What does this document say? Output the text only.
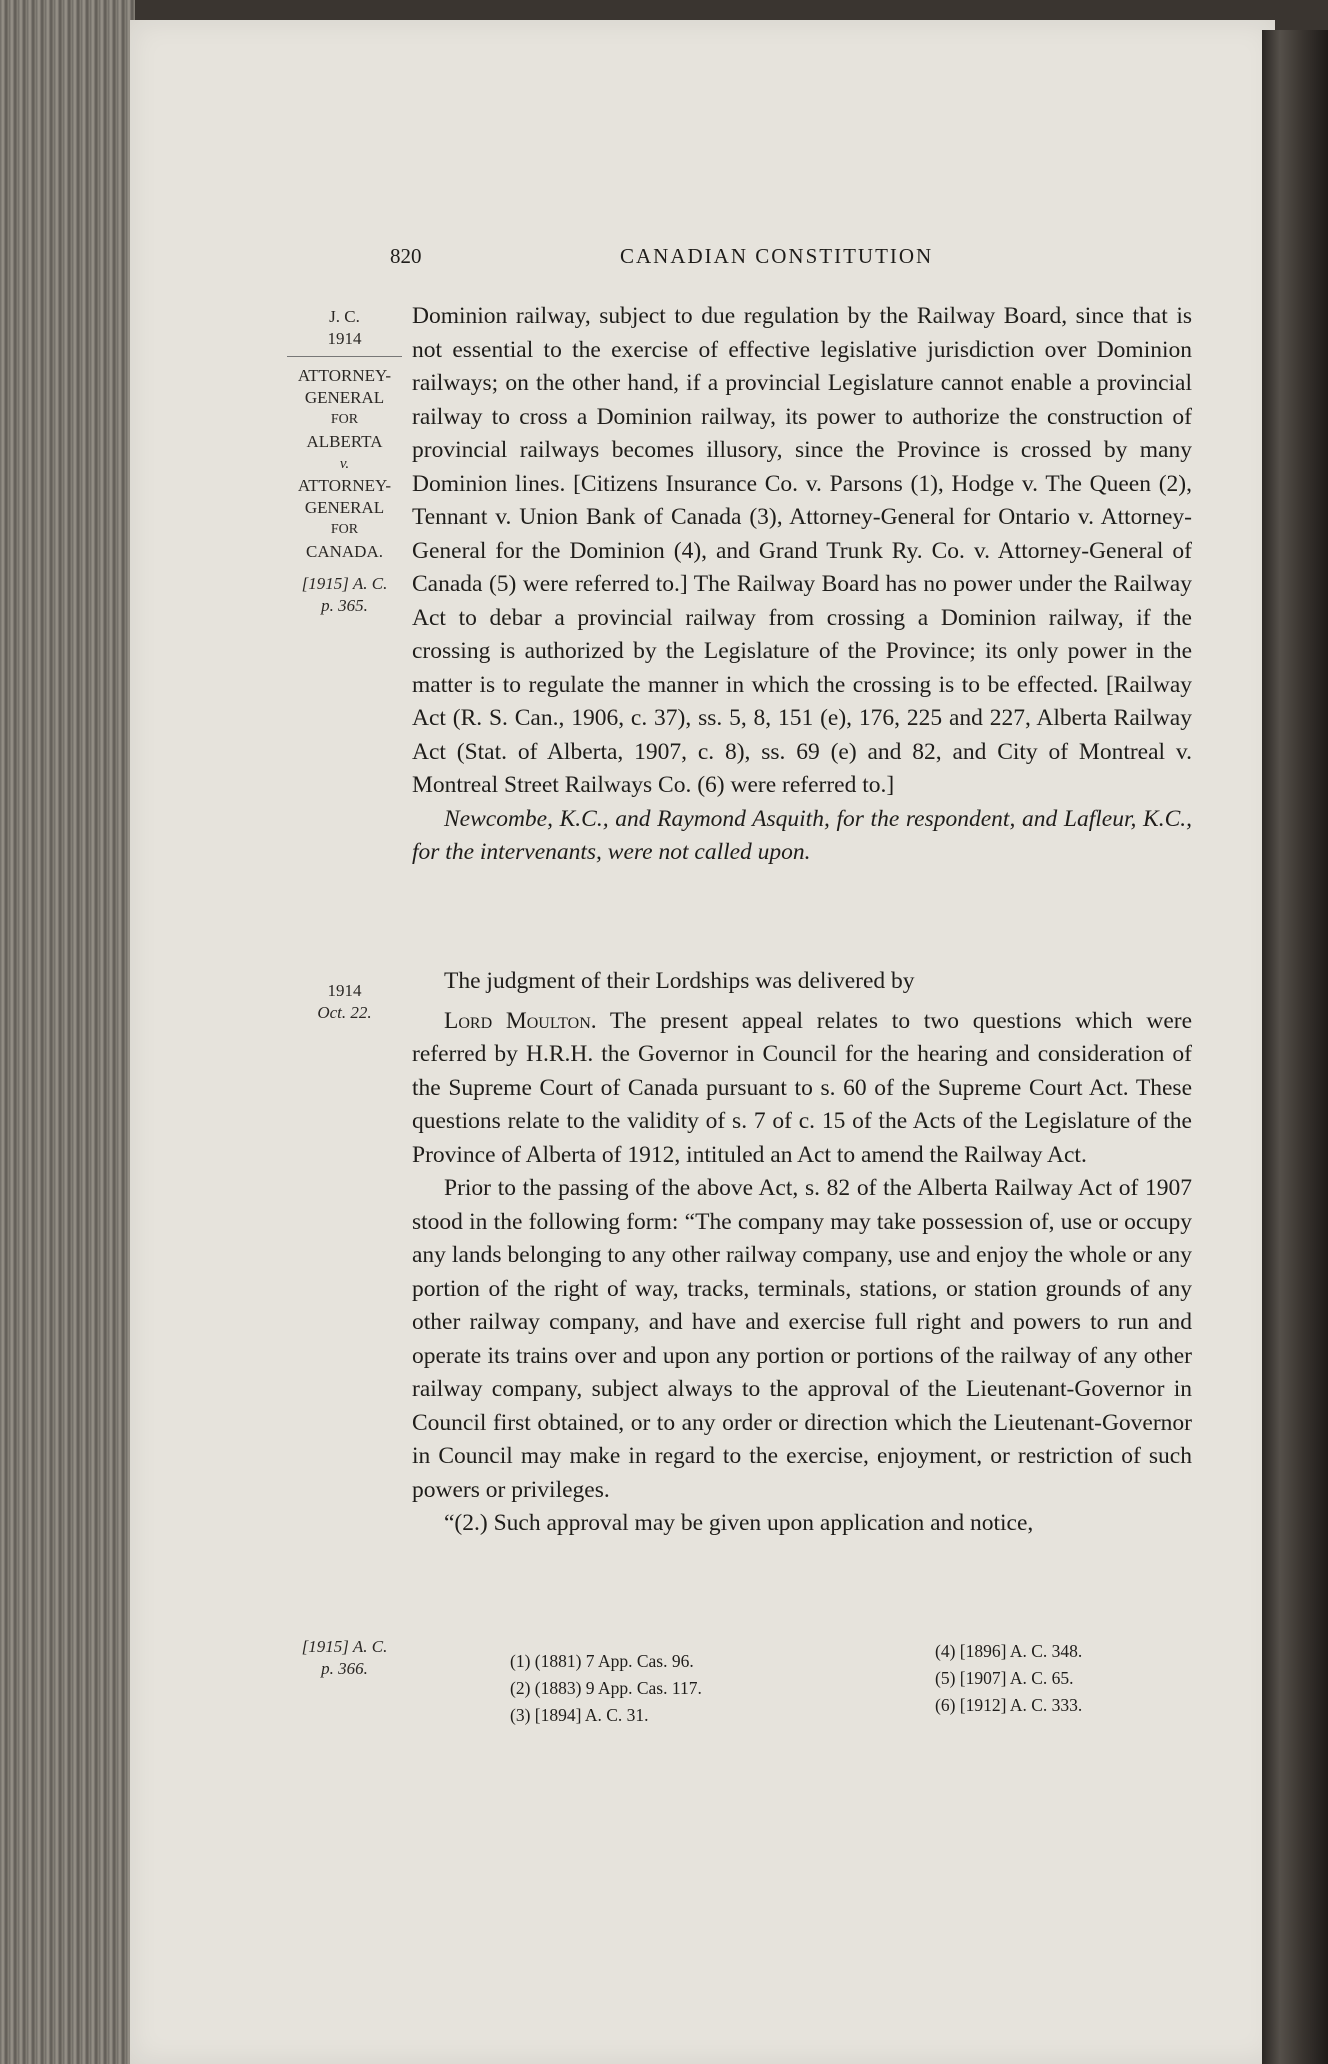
820	CANADIAN CONSTITUTION
J. C.
1914
ATTORNEY-
GENERAL
FOR
ALBERTA
v.
ATTORNEY-
GENERAL
FOR
CANADA.
[1915] A. C.
p. 365.
1914
Oct. 22.
[1915] A. C.
p. 366.

Dominion railway, subject to due regulation by the Railway Board, since that is not essential to the exercise of effective legislative jurisdiction over Dominion railways; on the other hand, if a provincial Legislature cannot enable a provincial railway to cross a Dominion railway, its power to authorize the construction of provincial railways becomes illusory, since the Province is crossed by many Dominion lines. [Citizens Insurance Co. v. Parsons (1), Hodge v. The Queen (2), Tennant v. Union Bank of Canada (3), Attorney-General for Ontario v. Attorney-General for the Dominion (4), and Grand Trunk Ry. Co. v. Attorney-General of Canada (5) were referred to.] The Railway Board has no power under the Railway Act to debar a provincial railway from crossing a Dominion railway, if the crossing is authorized by the Legislature of the Province; its only power in the matter is to regulate the manner in which the crossing is to be effected. [Railway Act (R. S. Can., 1906, c. 37), ss. 5, 8, 151 (e), 176, 225 and 227, Alberta Railway Act (Stat. of Alberta, 1907, c. 8), ss. 69 (e) and 82, and City of Montreal v. Montreal Street Railways Co. (6) were referred to.]

Newcombe, K.C., and Raymond Asquith, for the respondent, and Lafleur, K.C., for the intervenants, were not called upon.

The judgment of their Lordships was delivered by

Lord Moulton. The present appeal relates to two questions which were referred by H.R.H. the Governor in Council for the hearing and consideration of the Supreme Court of Canada pursuant to s. 60 of the Supreme Court Act. These questions relate to the validity of s. 7 of c. 15 of the Acts of the Legislature of the Province of Alberta of 1912, intituled an Act to amend the Railway Act.

Prior to the passing of the above Act, s. 82 of the Alberta Railway Act of 1907 stood in the following form: “The company may take possession of, use or occupy any lands belonging to any other railway company, use and enjoy the whole or any portion of the right of way, tracks, terminals, stations, or station grounds of any other railway company, and have and exercise full right and powers to run and operate its trains over and upon any portion or portions of the railway of any other railway company, subject always to the approval of the Lieutenant-Governor in Council first obtained, or to any order or direction which the Lieutenant-Governor in Council may make in regard to the exercise, enjoyment, or restriction of such powers or privileges.

“(2.) Such approval may be given upon application and notice,

(1) (1881) 7 App. Cas. 96.
(2) (1883) 9 App. Cas. 117.
(3) [1894] A. C. 31.
(4) [1896] A. C. 348.
(5) [1907] A. C. 65.
(6) [1912] A. C. 333.
